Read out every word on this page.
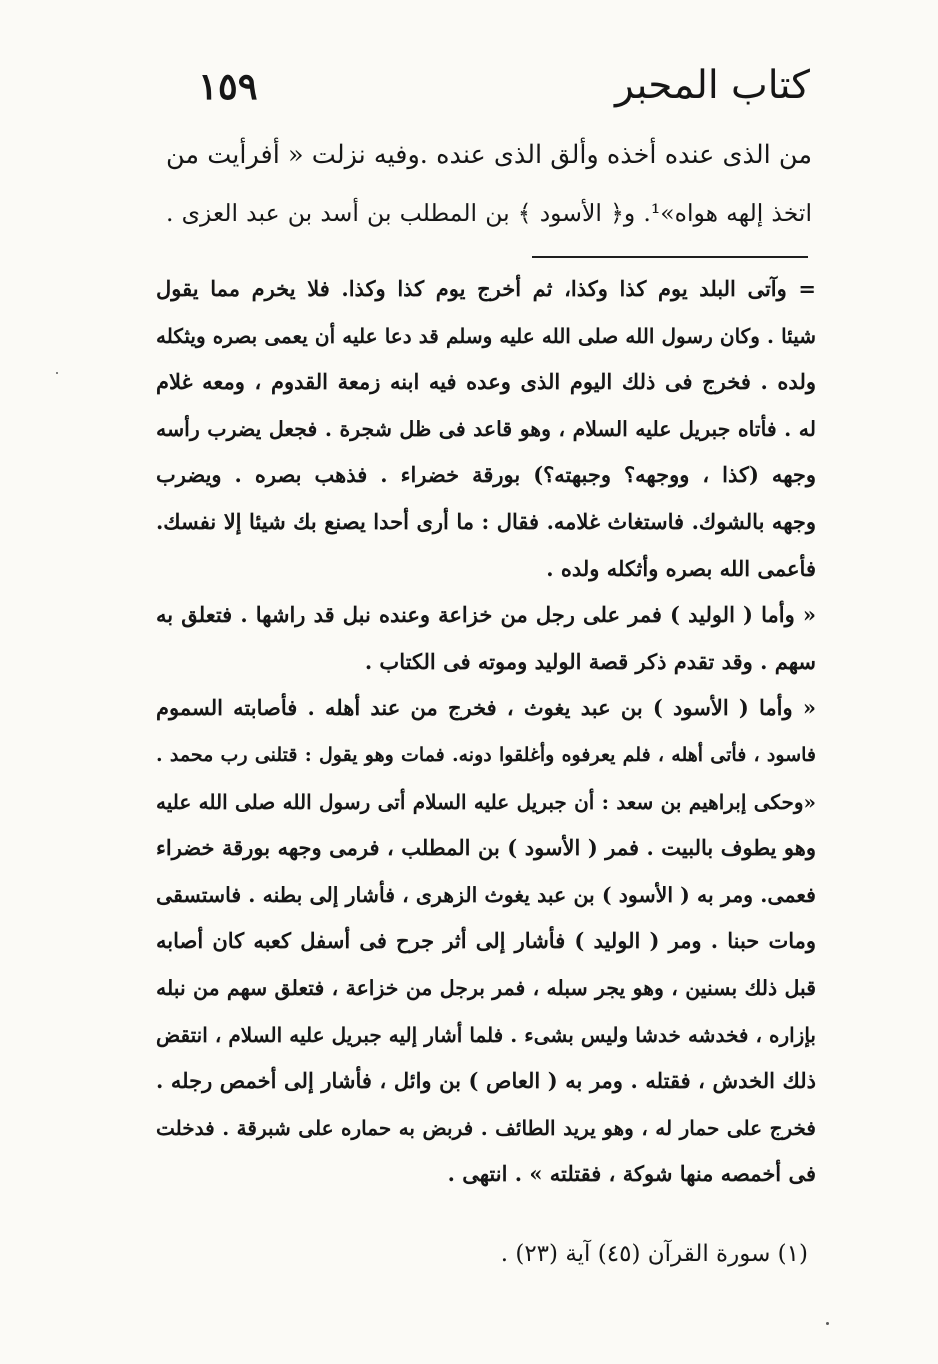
كتاب المحبر
١٥٩
من الذى عنده أخذه وألق الذى عنده .وفيه نزلت « أفرأيت من
اتخذ إلهه هواه»¹. و﴿ الأسود ﴾ بن المطلب بن أسد بن عبد العزى .
= وآتى البلد يوم كذا وكذا، ثم أخرج يوم كذا وكذا. فلا يخرم مما يقول
شيئا . وكان رسول الله صلى الله عليه وسلم قد دعا عليه أن يعمى بصره ويثكله
ولده . فخرج فى ذلك اليوم الذى وعده فيه ابنه زمعة القدوم ، ومعه غلام
له . فأتاه جبريل عليه السلام ، وهو قاعد فى ظل شجرة . فجعل يضرب رأسه
وجهه (كذا ، ووجهه؟ وجبهته؟) بورقة خضراء . فذهب بصره . ويضرب
وجهه بالشوك. فاستغاث غلامه. فقال : ما أرى أحدا يصنع بك شيئا إلا نفسك.
فأعمى الله بصره وأثكله ولده .
« وأما ( الوليد ) فمر على رجل من خزاعة وعنده نبل قد راشها . فتعلق به
سهم . وقد تقدم ذكر قصة الوليد وموته فى الكتاب .
« وأما ( الأسود ) بن عبد يغوث ، فخرج من عند أهله . فأصابته السموم
فاسود ، فأتى أهله ، فلم يعرفوه وأغلقوا دونه. فمات وهو يقول : قتلنى رب محمد .
«وحكى إبراهيم بن سعد : أن جبريل عليه السلام أتى رسول الله صلى الله عليه
وهو يطوف بالبيت . فمر ( الأسود ) بن المطلب ، فرمى وجهه بورقة خضراء
فعمى. ومر به ( الأسود ) بن عبد يغوث الزهرى ، فأشار إلى بطنه . فاستسقى
ومات حبنا . ومر ( الوليد ) فأشار إلى أثر جرح فى أسفل كعبه كان أصابه
قبل ذلك بسنين ، وهو يجر سبله ، فمر برجل من خزاعة ، فتعلق سهم من نبله
بإزاره ، فخدشه خدشا وليس بشىء . فلما أشار إليه جبريل عليه السلام ، انتقض
ذلك الخدش ، فقتله . ومر به ( العاص ) بن وائل ، فأشار إلى أخمص رجله .
فخرج على حمار له ، وهو يريد الطائف . فربض به حماره على شبرقة . فدخلت
فى أخمصه منها شوكة ، فقتلته » . انتهى .
(١) سورة القرآن (٤٥) آية (٢٣) .
